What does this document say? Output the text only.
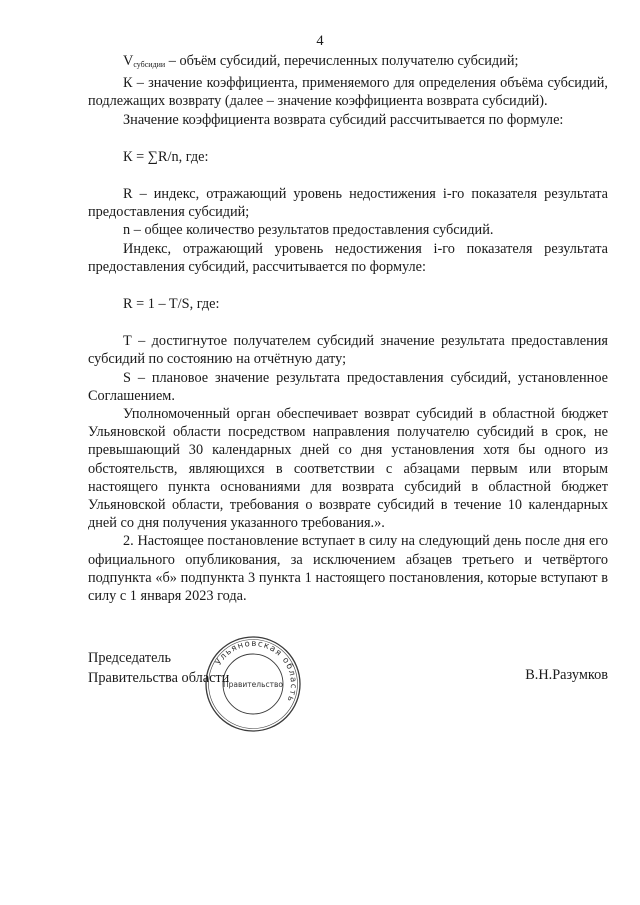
4

$V_{субсидии}$ – объём субсидий, перечисленных получателю субсидий;

К – значение коэффициента, применяемого для определения объёма субсидий, подлежащих возврату (далее – значение коэффициента возврата субсидий).

Значение коэффициента возврата субсидий рассчитывается по формуле:

К = ∑R/n, где:

R – индекс, отражающий уровень недостижения i-го показателя результата предоставления субсидий;

n – общее количество результатов предоставления субсидий.

Индекс, отражающий уровень недостижения i-го показателя результата предоставления субсидий, рассчитывается по формуле:

R = 1 – T/S, где:

Т – достигнутое получателем субсидий значение результата предоставления субсидий по состоянию на отчётную дату;

S – плановое значение результата предоставления субсидий, установленное Соглашением.

Уполномоченный орган обеспечивает возврат субсидий в областной бюджет Ульяновской области посредством направления получателю субсидий в срок, не превышающий 30 календарных дней со дня установления хотя бы одного из обстоятельств, являющихся в соответствии с абзацами первым или вторым настоящего пункта основаниями для возврата субсидий в областной бюджет Ульяновской области, требования о возврате субсидий в течение 10 календарных дней со дня получения указанного требования.».

2. Настоящее постановление вступает в силу на следующий день после дня его официального опубликования, за исключением абзацев третьего и четвёртого подпункта «б» подпункта 3 пункта 1 настоящего постановления, которые вступают в силу с 1 января 2023 года.

Ульяновская область
Правительство
Председатель
Правительства области	В.Н.Разумков
